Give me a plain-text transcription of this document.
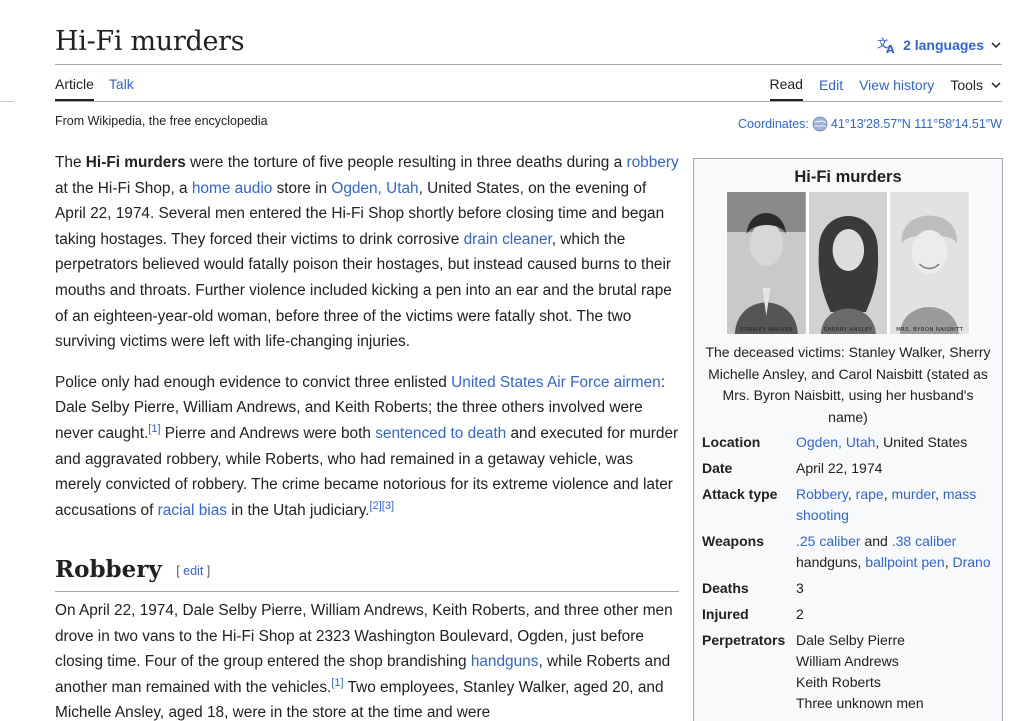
Hi-Fi murders	文
A 2 languages
Article Talk	Read Edit View history Tools
From Wikipedia, the free encyclopedia	Coordinates: 41°13′28.57″N 111°58′14.51″W

The Hi-Fi murders were the torture of five people resulting in three deaths during a robbery at the Hi-Fi Shop, a home audio store in Ogden, Utah, United States, on the evening of April 22, 1974. Several men entered the Hi-Fi Shop shortly before closing time and began taking hostages. They forced their victims to drink corrosive drain cleaner, which the perpetrators believed would fatally poison their hostages, but instead caused burns to their mouths and throats. Further violence included kicking a pen into an ear and the brutal rape of an eighteen-year-old woman, before three of the victims were fatally shot. The two surviving victims were left with life-changing injuries.

Police only had enough evidence to convict three enlisted United States Air Force airmen: Dale Selby Pierre, William Andrews, and Keith Roberts; the three others involved were never caught.[1] Pierre and Andrews were both sentenced to death and executed for murder and aggravated robbery, while Roberts, who had remained in a getaway vehicle, was merely convicted of robbery. The crime became notorious for its extreme violence and later accusations of racial bias in the Utah judiciary.[2][3]

Robbery [ edit ]

On April 22, 1974, Dale Selby Pierre, William Andrews, Keith Roberts, and three other men drove in two vans to the Hi-Fi Shop at 2323 Washington Boulevard, Ogden, just before closing time. Four of the group entered the shop brandishing handguns, while Roberts and another man remained with the vehicles.[1] Two employees, Stanley Walker, aged 20, and Michelle Ansley, aged 18, were in the store at the time and were

Hi-Fi murders
STANLEY WALKER	SHERRY ANSLEY	MRS. BYRON NAISBITT
The deceased victims: Stanley Walker, Sherry Michelle Ansley, and Carol Naisbitt (stated as Mrs. Byron Naisbitt, using her husband's name)
Location	Ogden, Utah, United States
Date	April 22, 1974
Attack type	Robbery, rape, murder, mass shooting
Weapons	.25 caliber and .38 caliber handguns, ballpoint pen, Drano
Deaths	3
Injured	2
Perpetrators Dale Selby Pierre
William Andrews
Keith Roberts
Three unknown men
